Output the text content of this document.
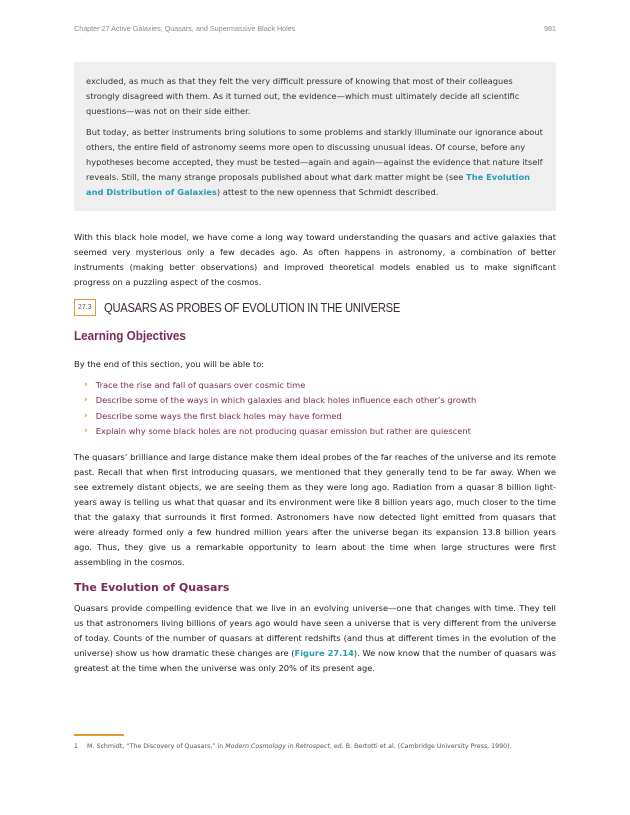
Chapter 27 Active Galaxies, Quasars, and Supermassive Black Holes	981

excluded, as much as that they felt the very difficult pressure of knowing that most of their colleagues strongly disagreed with them. As it turned out, the evidence—which must ultimately decide all scientific questions—was not on their side either.

But today, as better instruments bring solutions to some problems and starkly illuminate our ignorance about others, the entire field of astronomy seems more open to discussing unusual ideas. Of course, before any hypotheses become accepted, they must be tested—again and again—against the evidence that nature itself reveals. Still, the many strange proposals published about what dark matter might be (see The Evolution and Distribution of Galaxies) attest to the new openness that Schmidt described.

With this black hole model, we have come a long way toward understanding the quasars and active galaxies that seemed very mysterious only a few decades ago. As often happens in astronomy, a combination of better instruments (making better observations) and improved theoretical models enabled us to make significant progress on a puzzling aspect of the cosmos.
27.3 QUASARS AS PROBES OF EVOLUTION IN THE UNIVERSE
Learning Objectives
By the end of this section, you will be able to:
› Trace the rise and fall of quasars over cosmic time
› Describe some of the ways in which galaxies and black holes influence each other’s growth
› Describe some ways the first black holes may have formed
› Explain why some black holes are not producing quasar emission but rather are quiescent
The quasars’ brilliance and large distance make them ideal probes of the far reaches of the universe and its remote past. Recall that when first introducing quasars, we mentioned that they generally tend to be far away. When we see extremely distant objects, we are seeing them as they were long ago. Radiation from a quasar 8 billion light-years away is telling us what that quasar and its environment were like 8 billion years ago, much closer to the time that the galaxy that surrounds it first formed. Astronomers have now detected light emitted from quasars that were already formed only a few hundred million years after the universe began its expansion 13.8 billion years ago. Thus, they give us a remarkable opportunity to learn about the time when large structures were first assembling in the cosmos.
The Evolution of Quasars
Quasars provide compelling evidence that we live in an evolving universe—one that changes with time. They tell us that astronomers living billions of years ago would have seen a universe that is very different from the universe of today. Counts of the number of quasars at different redshifts (and thus at different times in the evolution of the universe) show us how dramatic these changes are (Figure 27.14). We now know that the number of quasars was greatest at the time when the universe was only 20% of its present age.
1 M. Schmidt, “The Discovery of Quasars,” in Modern Cosmology in Retrospect, ed. B. Bertotti et al. (Cambridge University Press, 1990).
